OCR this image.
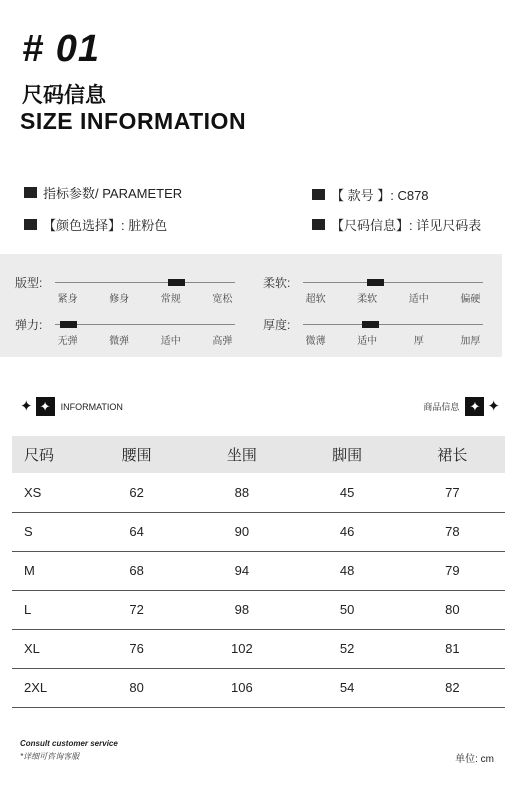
# 01
尺码信息
SIZE INFORMATION
指标参数/ PARAMETER	【 款号 】: C878
【颜色选择】: 脏粉色	【尺码信息】: 详见尺码表
版型:
紧身	修身	常规	宽松
柔软:
超软	柔软	适中	偏硬
弹力:
无弹	微弹	适中	高弹
厚度:
微薄	适中	厚	加厚
✦ ✦	INFORMATION	商品信息 ✦ ✦
尺码	腰围	坐围	脚围	裙长
XS	62	88	45	77
S	64	90	46	78
M	68	94	48	79
L	72	98	50	80
XL	76	102	52	81
2XL	80	106	54	82
Consult customer service
*详细可咨询客服	单位: cm
